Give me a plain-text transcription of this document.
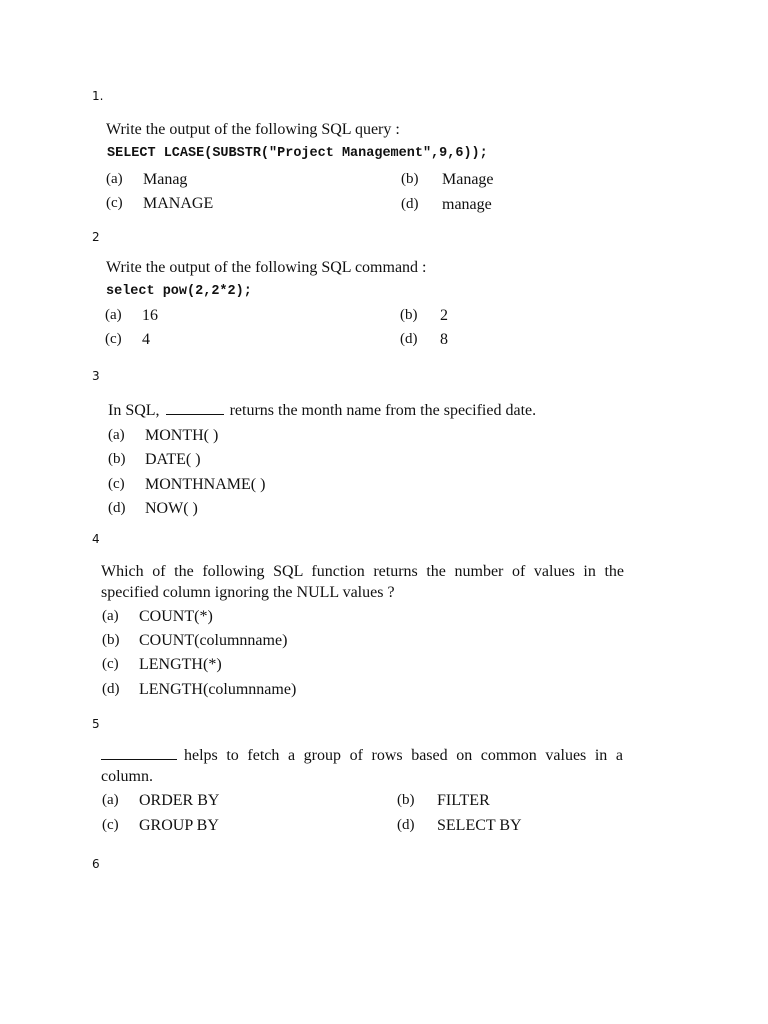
1.
Write the output of the following SQL query :
SELECT LCASE(SUBSTR("Project Management",9,6));
(a) Manag	(b) Manage
(c) MANAGE	(d) manage
2
Write the output of the following SQL command :
select pow(2,2*2);
(a) 16	(b) 2
(c) 4	(d) 8
3
In SQL,	returns the month name from the specified date.
(a) MONTH( )
(b) DATE( )
(c) MONTHNAME( )
(d) NOW( )
4
Which of the following SQL function returns the number of values in the
specified column ignoring the NULL values ?
(a) COUNT(*)
(b) COUNT(columnname)
(c) LENGTH(*)
(d) LENGTH(columnname)
5
helps to fetch a group of rows based on common values in a
column.
(a) ORDER BY	(b) FILTER
(c) GROUP BY	(d) SELECT BY
6
